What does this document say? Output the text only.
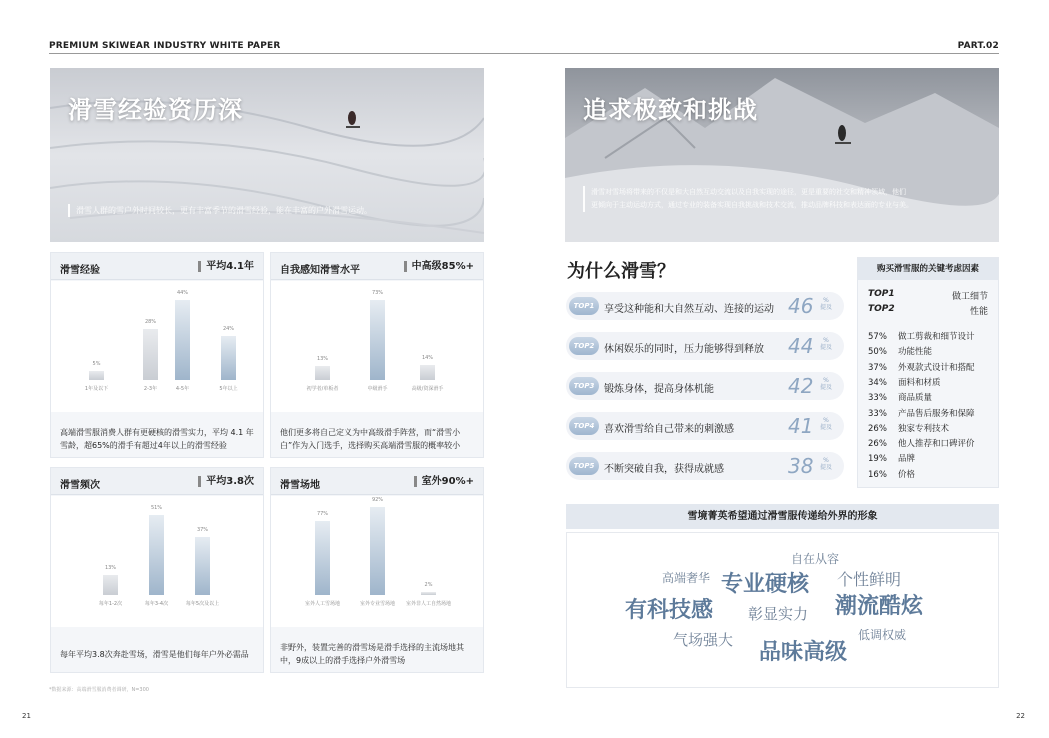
PREMIUM SKIWEAR INDUSTRY WHITE PAPER	PART.02
滑雪经验资历深
滑雪人群的雪户外时间较长，更有丰富季节的滑雪经验，能在丰富的户外滑雪运动。
追求极致和挑战
滑雪对雪场将带来的不仅是和大自然互动交流以及自我实现的途径，更是重要的社交和精神领域，他们
更倾向于主动运动方式，通过专业的装备实现自我挑战和技术交流，推动品牌科技和表达面的专业与美。
滑雪经验	平均4.1年
5%
1年及以下
28%
2-3年
44%
4-5年
24%
5年以上
高端滑雪服消费人群有更硬核的滑雪实力，平均 4.1 年雪龄，超65%的滑手有超过4年以上的滑雪经验
自我感知滑雪水平	中高级85%+
13%
初学者/单板者
73%
中级滑手
14%
高级/资深滑手
他们更多将自己定义为中高级滑手阵营，而“滑雪小白”作为入门选手，选择购买高端滑雪服的概率较小
滑雪频次	平均3.8次
13%
每年1-2次
51%
每年3-4次
37%
每年5次及以上
每年平均3.8次奔赴雪场，滑雪是他们每年户外必需品
滑雪场地	室外90%+
77%
室外人工雪场地
92%
室外专业雪场地
2%
室外非人工自然场地
非野外，装置完善的滑雪场是滑手选择的主流场地其中，9成以上的滑手选择户外滑雪场
*数据来源：高端滑雪服消费者调研，N=300
为什么滑雪？
TOP1 享受这种能和大自然互动、连接的运动 46	%
提及
TOP2 休闲娱乐的同时，压力能够得到释放 44	%
提及
TOP3 锻炼身体，提高身体机能	42	%
提及
TOP4 喜欢滑雪给自己带来的刺激感	41	%
提及
TOP5 不断突破自我，获得成就感	38	%
提及
购买滑雪服的关键考虑因素
TOP1	做工细节
TOP2	性能
57% 做工剪裁和细节设计
50% 功能性能
37% 外观款式设计和搭配
34% 面料和材质
33% 商品质量
33% 产品售后服务和保障
26% 独家专利技术
26% 他人推荐和口碑评价
19% 品牌
16% 价格
雪境菁英希望通过滑雪服传递给外界的形象
自在从容
高端奢华 专业硬核 个性鲜明
有科技感 彰显实力 潮流酷炫
低调权威
气场强大 品味高级
21	22
